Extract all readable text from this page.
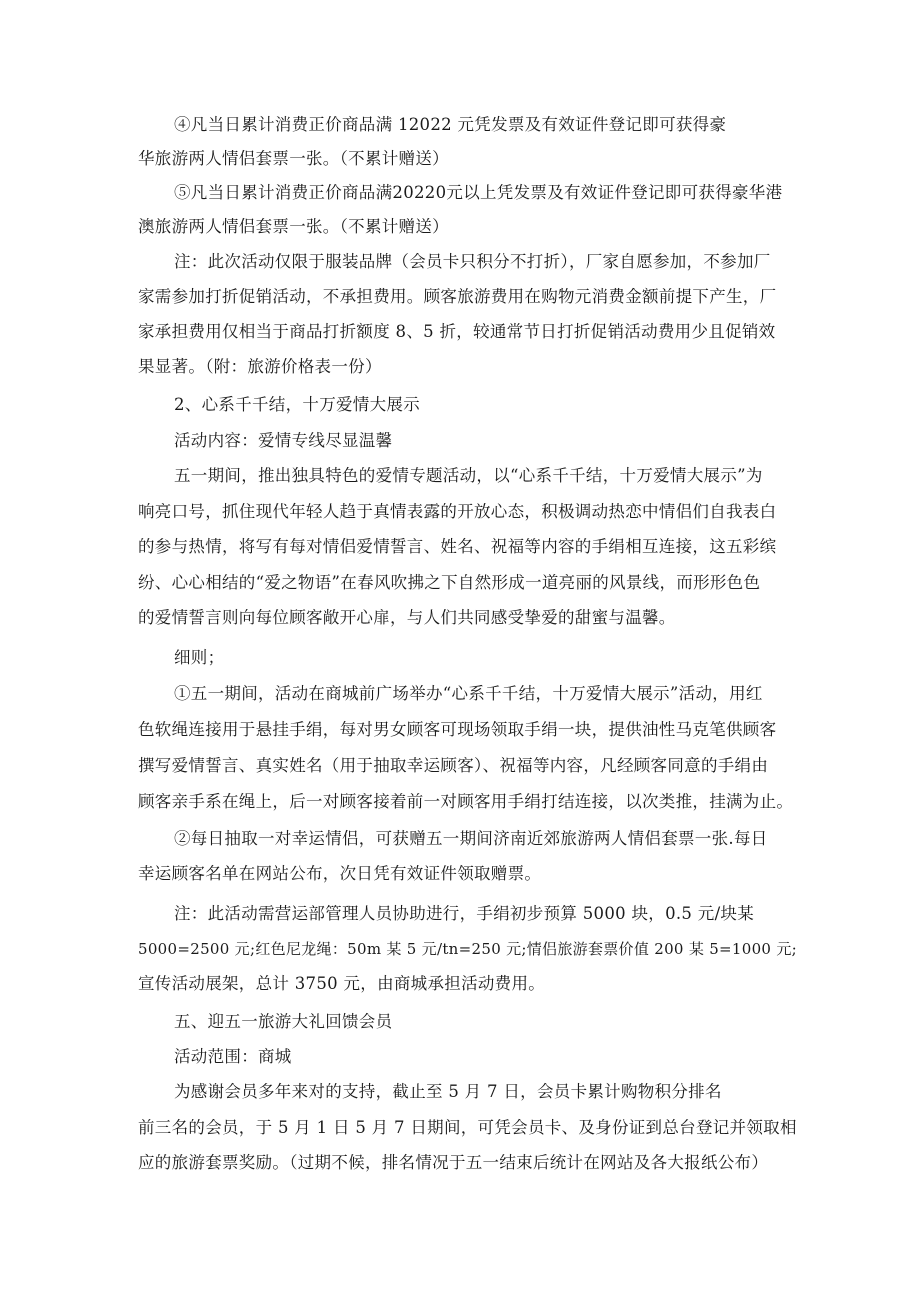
④凡当日累计消费正价商品满 12022 元凭发票及有效证件登记即可获得豪
华旅游两人情侣套票一张。（不累计赠送）
⑤凡当日累计消费正价商品满20220元以上凭发票及有效证件登记即可获得豪华港
澳旅游两人情侣套票一张。（不累计赠送）
注：此次活动仅限于服装品牌（会员卡只积分不打折），厂家自愿参加，不参加厂
家需参加打折促销活动，不承担费用。顾客旅游费用在购物元消费金额前提下产生，厂
家承担费用仅相当于商品打折额度 8、5 折，较通常节日打折促销活动费用少且促销效
果显著。（附：旅游价格表一份）
2、心系千千结，十万爱情大展示
活动内容：爱情专线尽显温馨
五一期间，推出独具特色的爱情专题活动，以“心系千千结，十万爱情大展示”为
响亮口号，抓住现代年轻人趋于真情表露的开放心态，积极调动热恋中情侣们自我表白
的参与热情，将写有每对情侣爱情誓言、姓名、祝福等内容的手绢相互连接，这五彩缤
纷、心心相结的“爱之物语”在春风吹拂之下自然形成一道亮丽的风景线，而形形色色
的爱情誓言则向每位顾客敞开心扉，与人们共同感受挚爱的甜蜜与温馨。
细则；
①五一期间，活动在商城前广场举办“心系千千结，十万爱情大展示”活动，用红
色软绳连接用于悬挂手绢，每对男女顾客可现场领取手绢一块，提供油性马克笔供顾客
撰写爱情誓言、真实姓名（用于抽取幸运顾客）、祝福等内容，凡经顾客同意的手绢由
顾客亲手系在绳上，后一对顾客接着前一对顾客用手绢打结连接，以次类推，挂满为止。
②每日抽取一对幸运情侣，可获赠五一期间济南近郊旅游两人情侣套票一张.每日
幸运顾客名单在网站公布，次日凭有效证件领取赠票。
注：此活动需营运部管理人员协助进行，手绢初步预算 5000 块，0.5 元/块某
5000=2500 元;红色尼龙绳：50m 某 5 元/tn=250 元;情侣旅游套票价值 200 某 5=1000 元;
宣传活动展架，总计 3750 元，由商城承担活动费用。
五、迎五一旅游大礼回馈会员
活动范围：商城
为感谢会员多年来对的支持，截止至 5 月 7 日，会员卡累计购物积分排名
前三名的会员，于 5 月 1 日 5 月 7 日期间，可凭会员卡、及身份证到总台登记并领取相
应的旅游套票奖励。（过期不候，排名情况于五一结束后统计在网站及各大报纸公布）
